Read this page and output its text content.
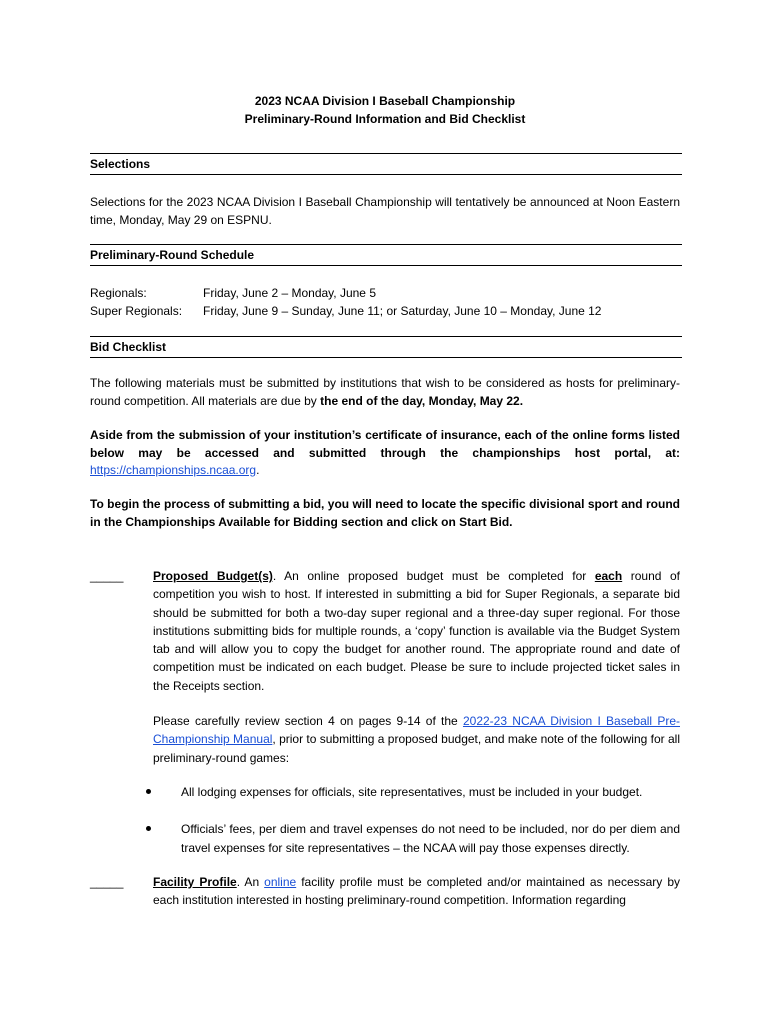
2023 NCAA Division I Baseball Championship
Preliminary-Round Information and Bid Checklist
Selections
Selections for the 2023 NCAA Division I Baseball Championship will tentatively be announced at Noon Eastern time, Monday, May 29 on ESPNU.
Preliminary-Round Schedule
Regionals:	Friday, June 2 – Monday, June 5
Super Regionals: Friday, June 9 – Sunday, June 11; or Saturday, June 10 – Monday, June 12
Bid Checklist
The following materials must be submitted by institutions that wish to be considered as hosts for preliminary-round competition. All materials are due by the end of the day, Monday, May 22.
Aside from the submission of your institution’s certificate of insurance, each of the online forms listed below may be accessed and submitted through the championships host portal, at: https://championships.ncaa.org.
To begin the process of submitting a bid, you will need to locate the specific divisional sport and round in the Championships Available for Bidding section and click on Start Bid.
_____ Proposed Budget(s). An online proposed budget must be completed for each round of competition you wish to host. If interested in submitting a bid for Super Regionals, a separate bid should be submitted for both a two-day super regional and a three-day super regional. For those institutions submitting bids for multiple rounds, a ‘copy’ function is available via the Budget System tab and will allow you to copy the budget for another round. The appropriate round and date of competition must be indicated on each budget. Please be sure to include projected ticket sales in the Receipts section.
Please carefully review section 4 on pages 9-14 of the 2022-23 NCAA Division I Baseball Pre-Championship Manual, prior to submitting a proposed budget, and make note of the following for all preliminary-round games:
All lodging expenses for officials, site representatives, must be included in your budget.
Officials’ fees, per diem and travel expenses do not need to be included, nor do per diem and travel expenses for site representatives – the NCAA will pay those expenses directly.
_____ Facility Profile. An online facility profile must be completed and/or maintained as necessary by each institution interested in hosting preliminary-round competition. Information regarding
